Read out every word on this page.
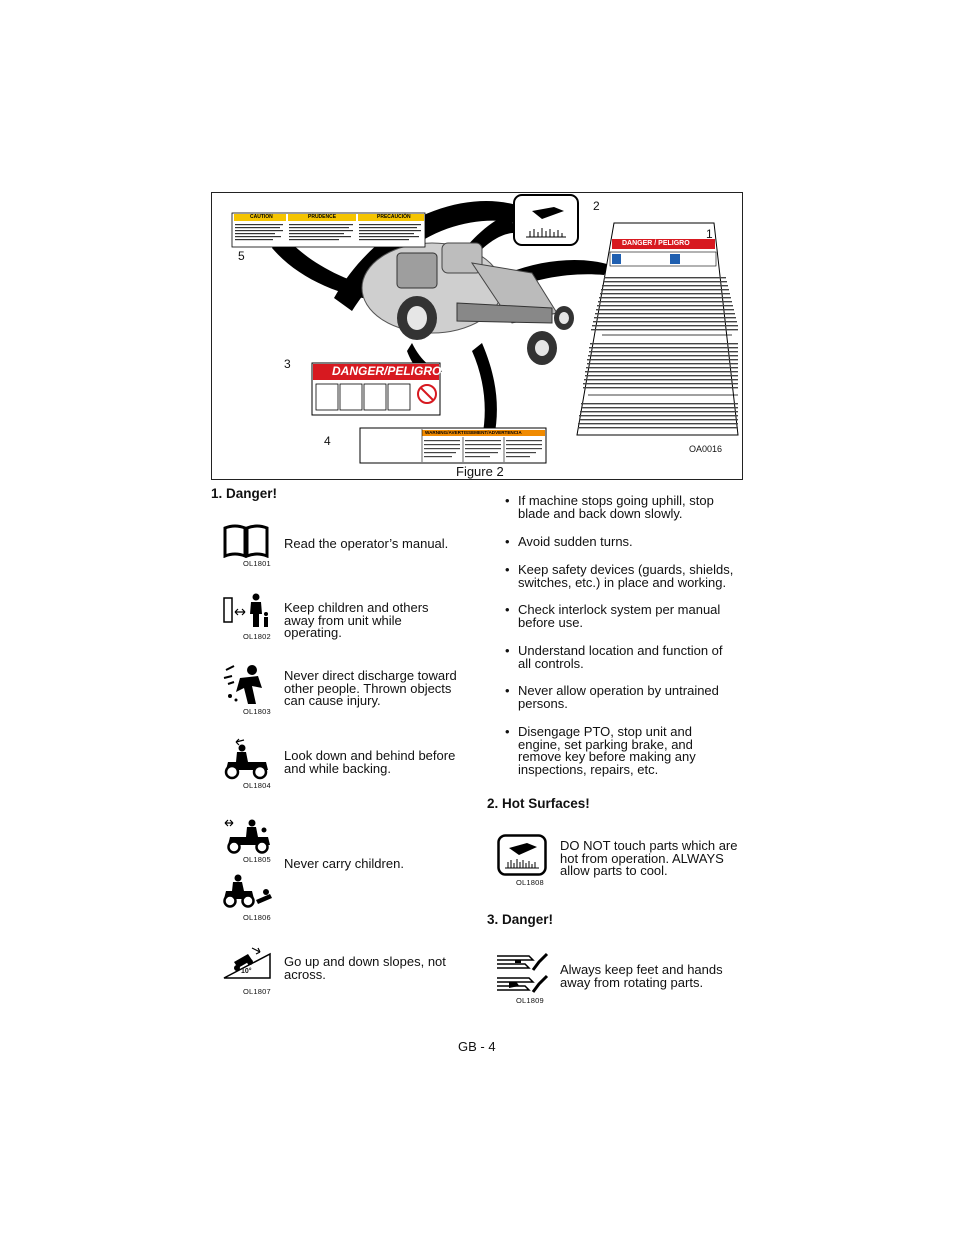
CAUTION	PRUDENCE	PRECAUCIÓN
DANGER / PELIGRO
DANGER/PELIGRO
WARNING/AVERTISSEMENT/ADVERTENCIA
2
1
5
3
4
OA0016
Figure 2
1. Danger!
OL1801
Read the operator’s manual.
OL1802
Keep children and others away from unit while operating.
OL1803
Never direct discharge toward other people. Thrown objects can cause injury.
OL1804
Look down and behind before and while backing.
OL1805 Never carry children.
OL1806
10°
OL1807
Go up and down slopes, not across.
• If machine stops going uphill, stop blade and back down slowly.
• Avoid sudden turns.
• Keep safety devices (guards, shields, switches, etc.) in place and working.
• Check interlock system per manual before use.
• Understand location and function of all controls.
• Never allow operation by untrained persons.
• Disengage PTO, stop unit and engine, set parking brake, and remove key before making any inspections, repairs, etc.
2. Hot Surfaces!
OL1808
DO NOT touch parts which are hot from operation. ALWAYS allow parts to cool.
3. Danger!
OL1809
Always keep feet and hands away from rotating parts.
GB - 4
